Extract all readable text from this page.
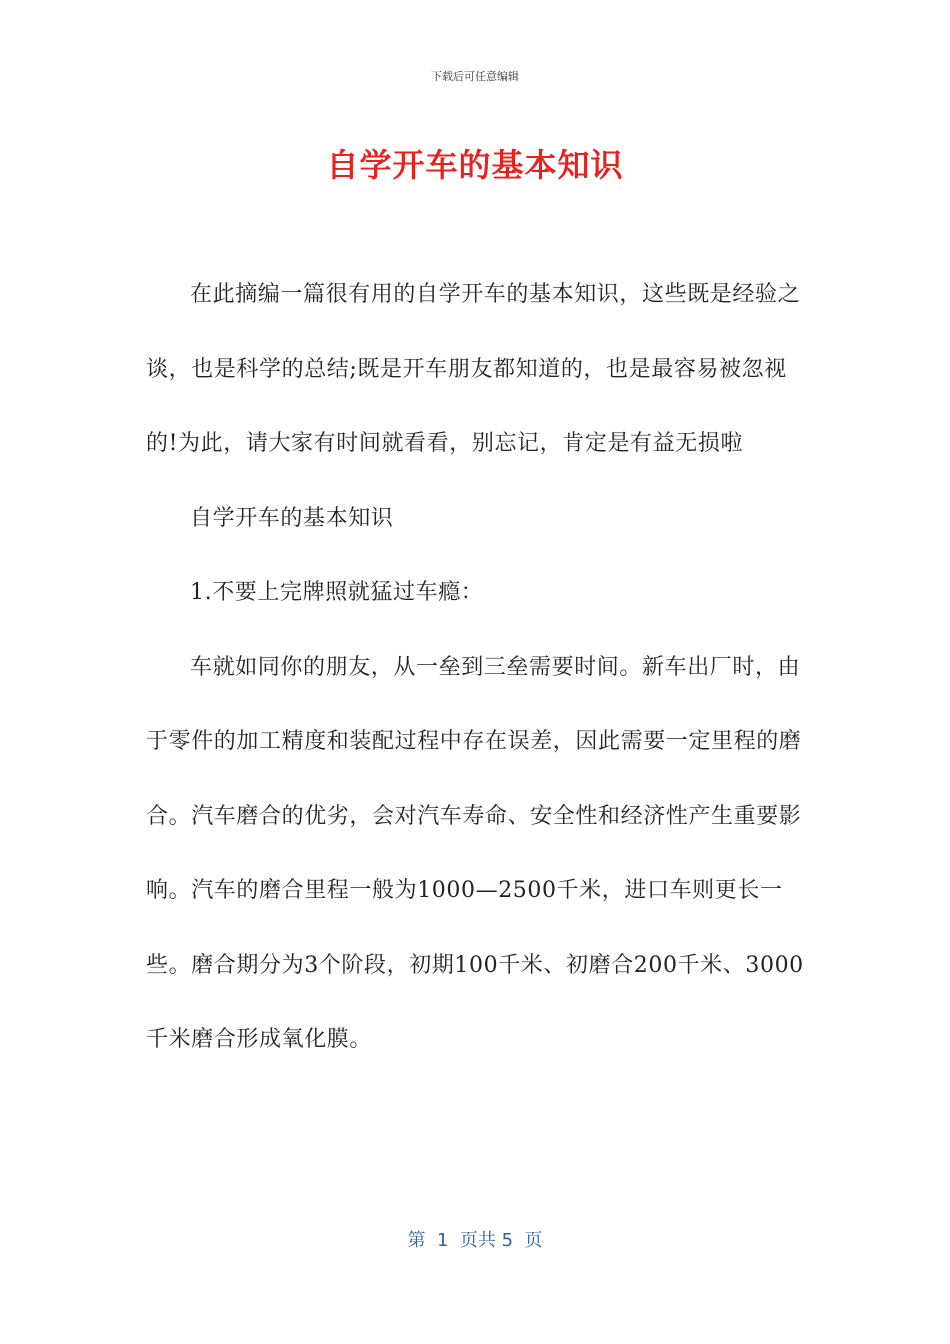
下载后可任意编辑
自学开车的基本知识

在此摘编一篇很有用的自学开车的基本知识，这些既是经验之谈，也是科学的总结;既是开车朋友都知道的，也是最容易被忽视的!为此，请大家有时间就看看，别忘记，肯定是有益无损啦

自学开车的基本知识

1.不要上完牌照就猛过车瘾：

车就如同你的朋友，从一垒到三垒需要时间。新车出厂时，由于零件的加工精度和装配过程中存在误差，因此需要一定里程的磨合。汽车磨合的优劣，会对汽车寿命、安全性和经济性产生重要影响。汽车的磨合里程一般为1000—2500千米，进口车则更长一些。磨合期分为3个阶段，初期100千米、初磨合200千米、3000千米磨合形成氧化膜。

第  1  页共 5  页
